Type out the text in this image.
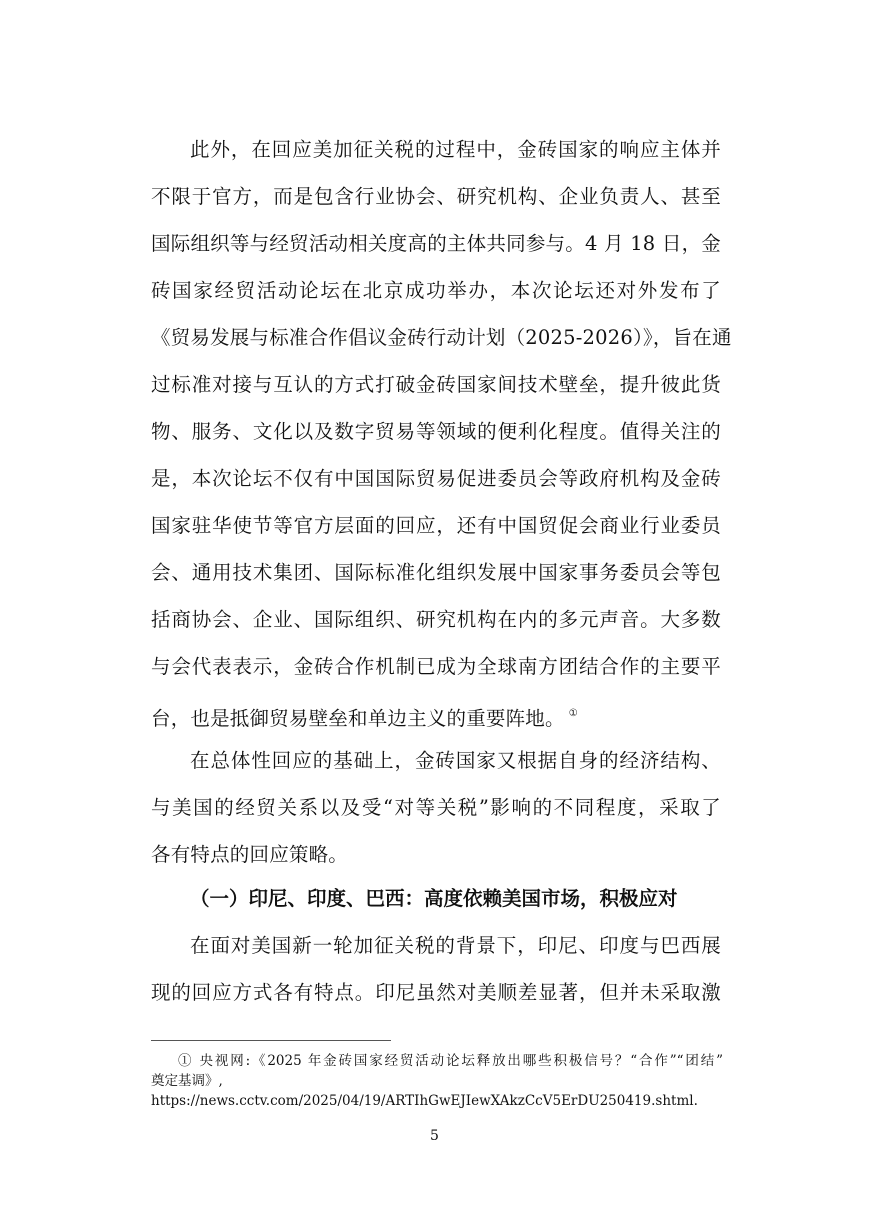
此外，在回应美加征关税的过程中，金砖国家的响应主体并
不限于官方，而是包含行业协会、研究机构、企业负责人、甚至
国际组织等与经贸活动相关度高的主体共同参与。4 月 18 日，金
砖国家经贸活动论坛在北京成功举办，本次论坛还对外发布了
《贸易发展与标准合作倡议金砖行动计划（2025-2026）》，旨在通
过标准对接与互认的方式打破金砖国家间技术壁垒，提升彼此货
物、服务、文化以及数字贸易等领域的便利化程度。值得关注的
是，本次论坛不仅有中国国际贸易促进委员会等政府机构及金砖
国家驻华使节等官方层面的回应，还有中国贸促会商业行业委员
会、通用技术集团、国际标准化组织发展中国家事务委员会等包
括商协会、企业、国际组织、研究机构在内的多元声音。大多数
与会代表表示，金砖合作机制已成为全球南方团结合作的主要平
台，也是抵御贸易壁垒和单边主义的重要阵地。 ①
在总体性回应的基础上，金砖国家又根据自身的经济结构、
与美国的经贸关系以及受“对等关税”影响的不同程度，采取了
各有特点的回应策略。
（一）印尼、印度、巴西：高度依赖美国市场，积极应对
在面对美国新一轮加征关税的背景下，印尼、印度与巴西展
现的回应方式各有特点。印尼虽然对美顺差显著，但并未采取激
① 央视网:《2025 年金砖国家经贸活动论坛释放出哪些积极信号？“合作”“团结”
奠定基调》,
https://news.cctv.com/2025/04/19/ARTIhGwEJIewXAkzCcV5ErDU250419.shtml.
5
